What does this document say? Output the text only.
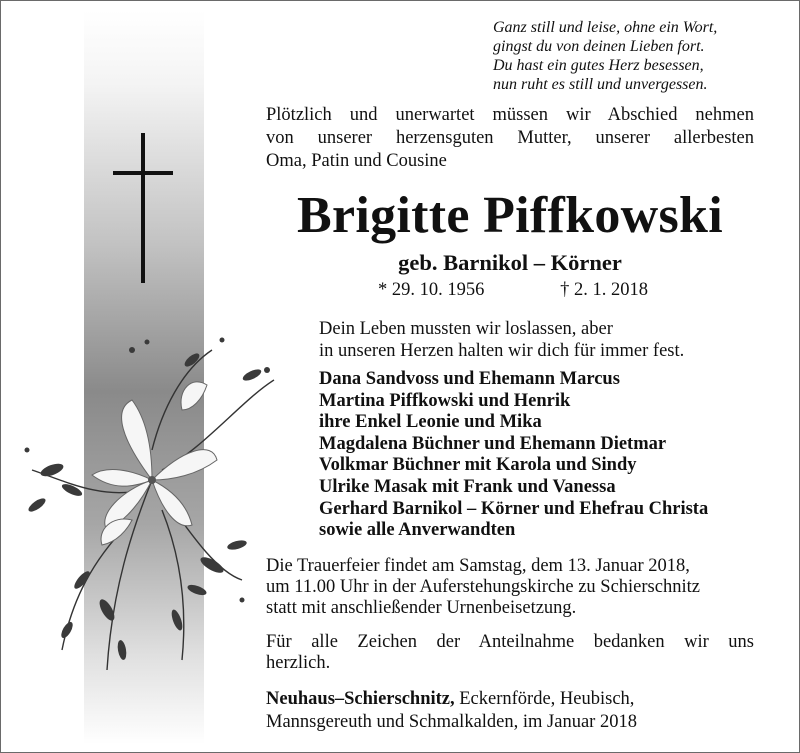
Ganz still und leise, ohne ein Wort,
gingst du von deinen Lieben fort.
Du hast ein gutes Herz besessen,
nun ruht es still und unvergessen.
Plötzlich und unerwartet müssen wir Abschied nehmen
von unserer herzensguten Mutter, unserer allerbesten
Oma, Patin und Cousine
Brigitte Piffkowski
geb. Barnikol – Körner
* 29. 10. 1956	† 2. 1. 2018
Dein Leben mussten wir loslassen, aber
in unseren Herzen halten wir dich für immer fest.
Dana Sandvoss und Ehemann Marcus
Martina Piffkowski und Henrik
ihre Enkel Leonie und Mika
Magdalena Büchner und Ehemann Dietmar
Volkmar Büchner mit Karola und Sindy
Ulrike Masak mit Frank und Vanessa
Gerhard Barnikol – Körner und Ehefrau Christa
sowie alle Anverwandten
Die Trauerfeier findet am Samstag, dem 13. Januar 2018,
um 11.00 Uhr in der Auferstehungskirche zu Schierschnitz
statt mit anschließender Urnenbeisetzung.
Für alle Zeichen der Anteilnahme bedanken wir uns
herzlich.
Neuhaus–Schierschnitz, Eckernförde, Heubisch,
Mannsgereuth und Schmalkalden, im Januar 2018
